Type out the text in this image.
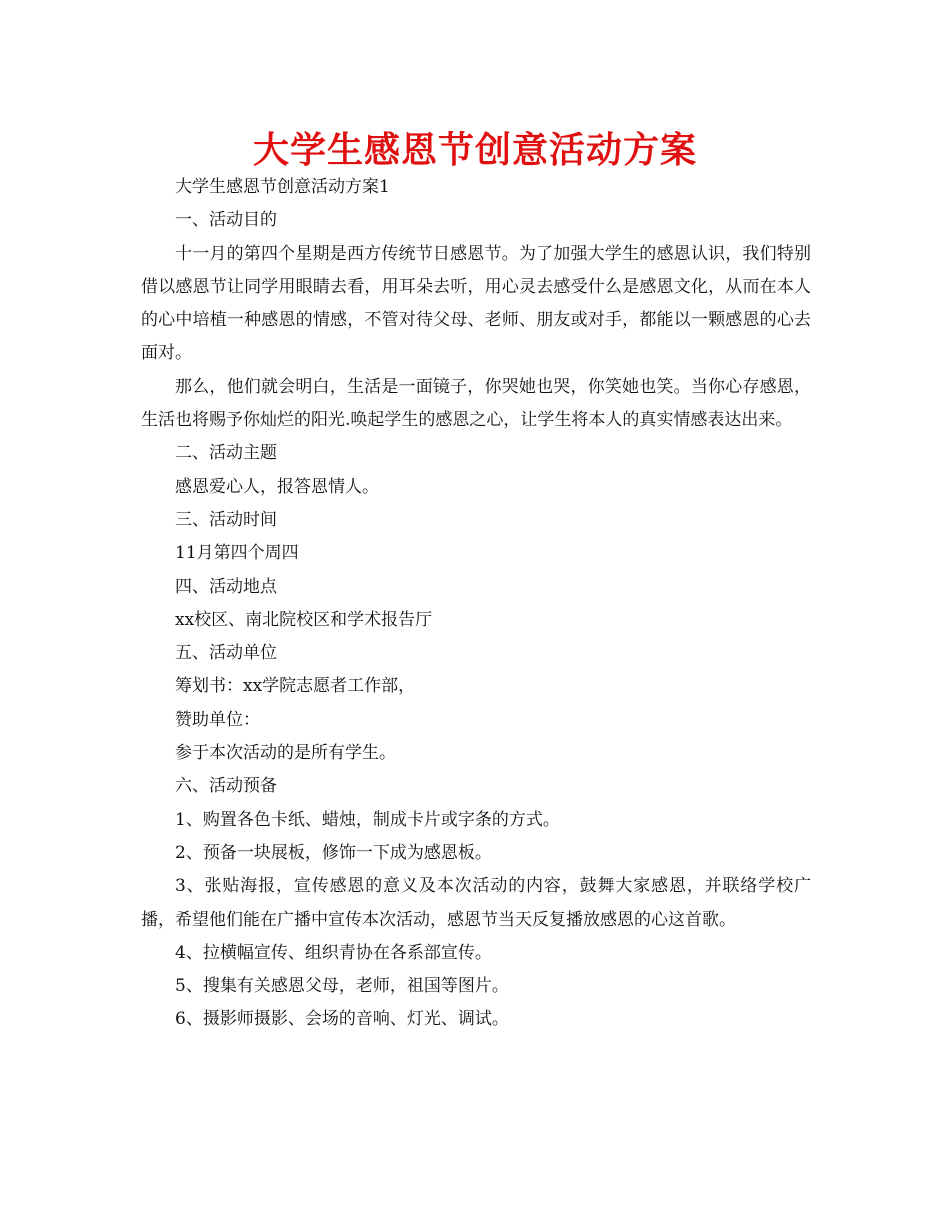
大学生感恩节创意活动方案

大学生感恩节创意活动方案1

一、活动目的

十一月的第四个星期是西方传统节日感恩节。为了加强大学生的感恩认识，我们特别借以感恩节让同学用眼睛去看，用耳朵去听，用心灵去感受什么是感恩文化，从而在本人的心中培植一种感恩的情感，不管对待父母、老师、朋友或对手，都能以一颗感恩的心去面对。

那么，他们就会明白，生活是一面镜子，你哭她也哭，你笑她也笑。当你心存感恩，生活也将赐予你灿烂的阳光.唤起学生的感恩之心，让学生将本人的真实情感表达出来。

二、活动主题

感恩爱心人，报答恩情人。

三、活动时间

11月第四个周四

四、活动地点

xx校区、南北院校区和学术报告厅

五、活动单位

筹划书：xx学院志愿者工作部，

赞助单位：

参于本次活动的是所有学生。

六、活动预备

1、购置各色卡纸、蜡烛，制成卡片或字条的方式。

2、预备一块展板，修饰一下成为感恩板。

3、张贴海报，宣传感恩的意义及本次活动的内容，鼓舞大家感恩，并联络学校广播，希望他们能在广播中宣传本次活动，感恩节当天反复播放感恩的心这首歌。

4、拉横幅宣传、组织青协在各系部宣传。

5、搜集有关感恩父母，老师，祖国等图片。

6、摄影师摄影、会场的音响、灯光、调试。
